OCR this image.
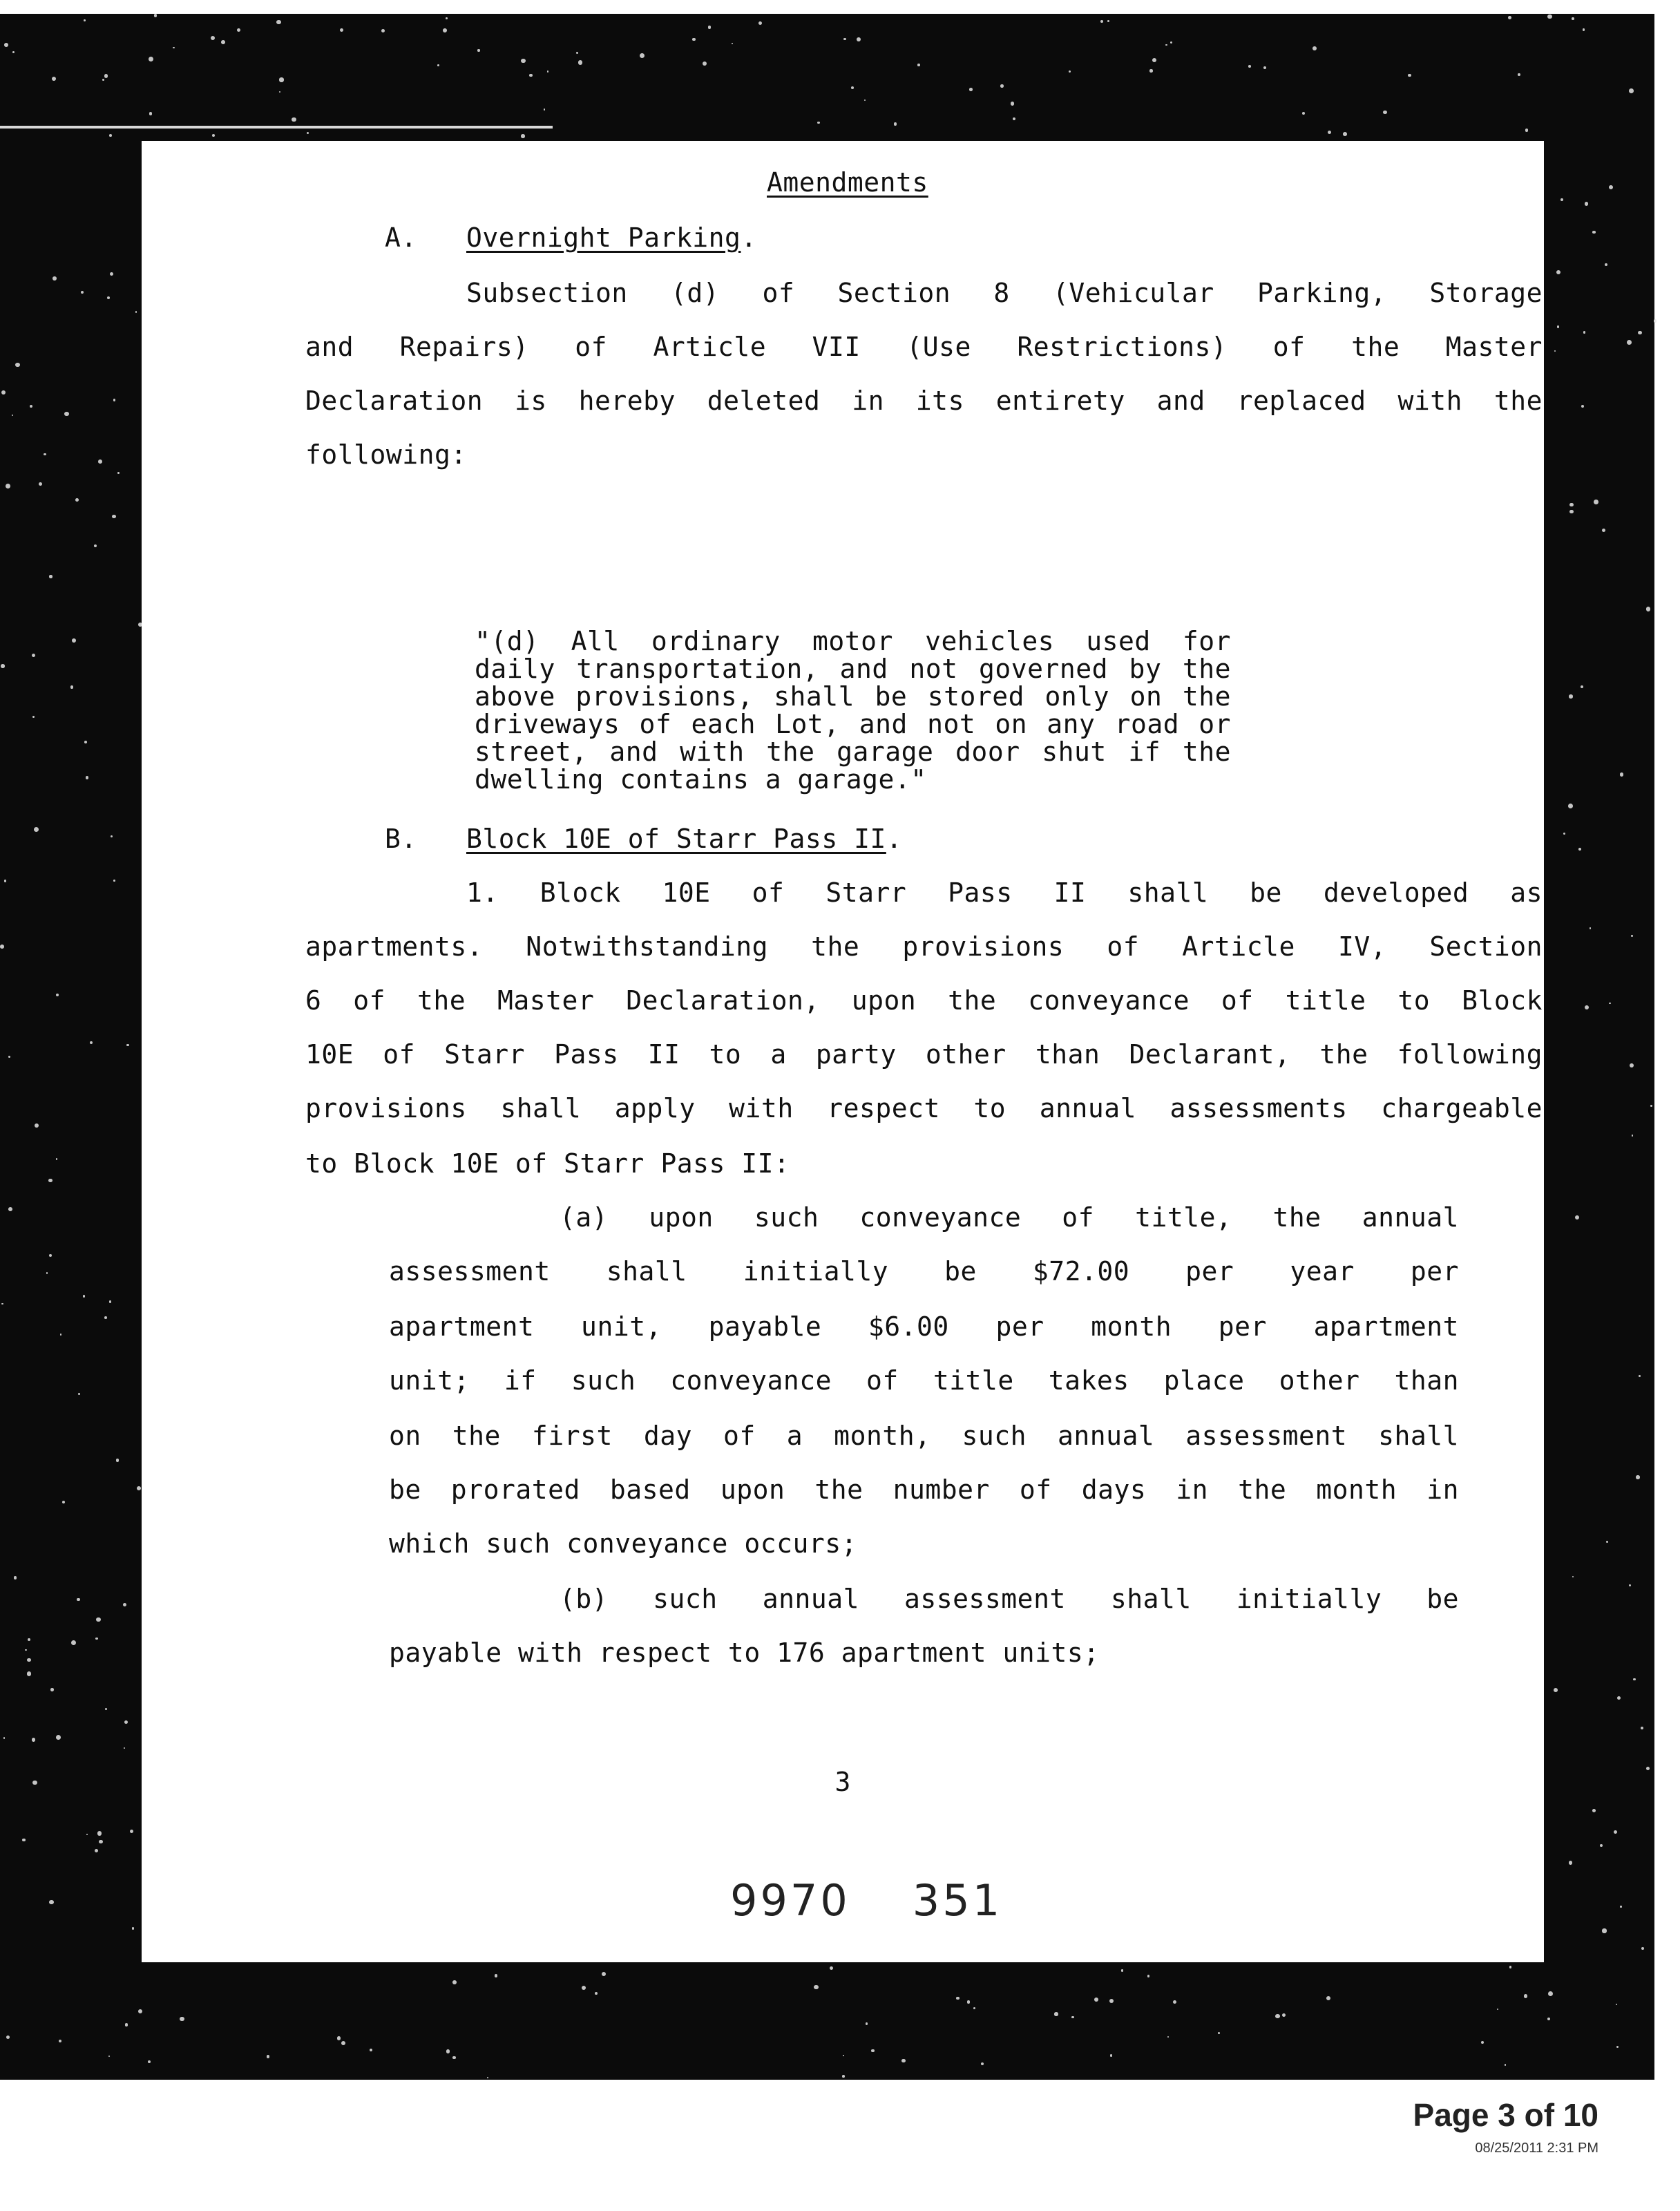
Amendments

A. Overnight Parking.

Subsection (d) of Section 8 (Vehicular Parking, Storage

and Repairs) of Article VII (Use Restrictions) of the Master

Declaration is hereby deleted in its entirety and replaced with the

following:

"(d) All ordinary motor vehicles used for

daily transportation, and not governed by the

above provisions, shall be stored only on the

driveways of each Lot, and not on any road or

street, and with the garage door shut if the

dwelling contains a garage."

B. Block 10E of Starr Pass II.

1. Block 10E of Starr Pass II shall be developed as

apartments. Notwithstanding the provisions of Article IV, Section

6 of the Master Declaration, upon the conveyance of title to Block

10E of Starr Pass II to a party other than Declarant, the following

provisions shall apply with respect to annual assessments chargeable

to Block 10E of Starr Pass II:

(a) upon such conveyance of title, the annual

assessment shall initially be $72.00 per year per

apartment unit, payable $6.00 per month per apartment

unit; if such conveyance of title takes place other than

on the first day of a month, such annual assessment shall

be prorated based upon the number of days in the month in

which such conveyance occurs;

(b) such annual assessment shall initially be

payable with respect to 176 apartment units;

3
9970 351
Page 3 of 10
08/25/2011 2:31 PM
